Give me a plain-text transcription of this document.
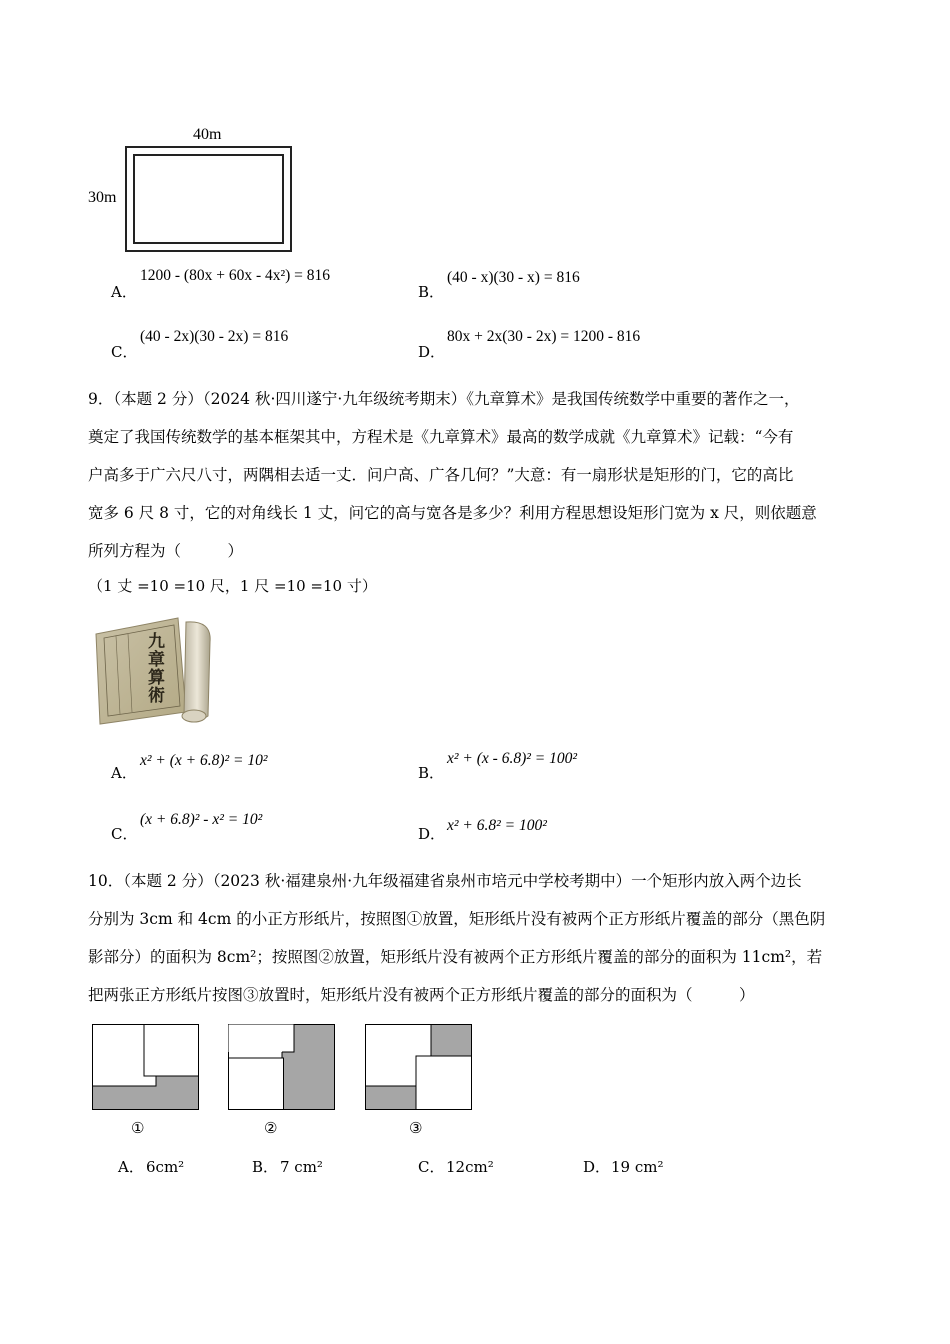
40m
30m
A．
1200 - (80x + 60x - 4x²) = 816
B．
(40 - x)(30 - x) = 816
C．
(40 - 2x)(30 - 2x) = 816
D．
80x + 2x(30 - 2x) = 1200 - 816
9．（本题 2 分）（2024 秋·四川遂宁·九年级统考期末）《九章算术》是我国传统数学中重要的著作之一，
奠定了我国传统数学的基本框架其中，方程术是《九章算术》最高的数学成就《九章算术》记载：“今有
户高多于广六尺八寸，两隅相去适一丈．问户高、广各几何？”大意：有一扇形状是矩形的门，它的高比
宽多 6 尺 8 寸，它的对角线长 1 丈，问它的高与宽各是多少？利用方程思想设矩形门宽为 x 尺，则依题意
所列方程为（　　　）
（1 丈 =10 =10 尺，1 尺 =10 =10 寸）
九章算術
A．
x² + (x + 6.8)² = 10²
B．
x² + (x - 6.8)² = 100²
C．
(x + 6.8)² - x² = 10²
D． x² + 6.8² = 100²
10．（本题 2 分）（2023 秋·福建泉州·九年级福建省泉州市培元中学校考期中）一个矩形内放入两个边长
分别为 3cm 和 4cm 的小正方形纸片，按照图①放置，矩形纸片没有被两个正方形纸片覆盖的部分（黑色阴
影部分）的面积为 8cm²；按照图②放置，矩形纸片没有被两个正方形纸片覆盖的部分的面积为 11cm²，若
把两张正方形纸片按图③放置时，矩形纸片没有被两个正方形纸片覆盖的部分的面积为（　　　）
①	②	③
A． 6cm²	B． 7 cm²	C． 12cm²	D． 19 cm²
